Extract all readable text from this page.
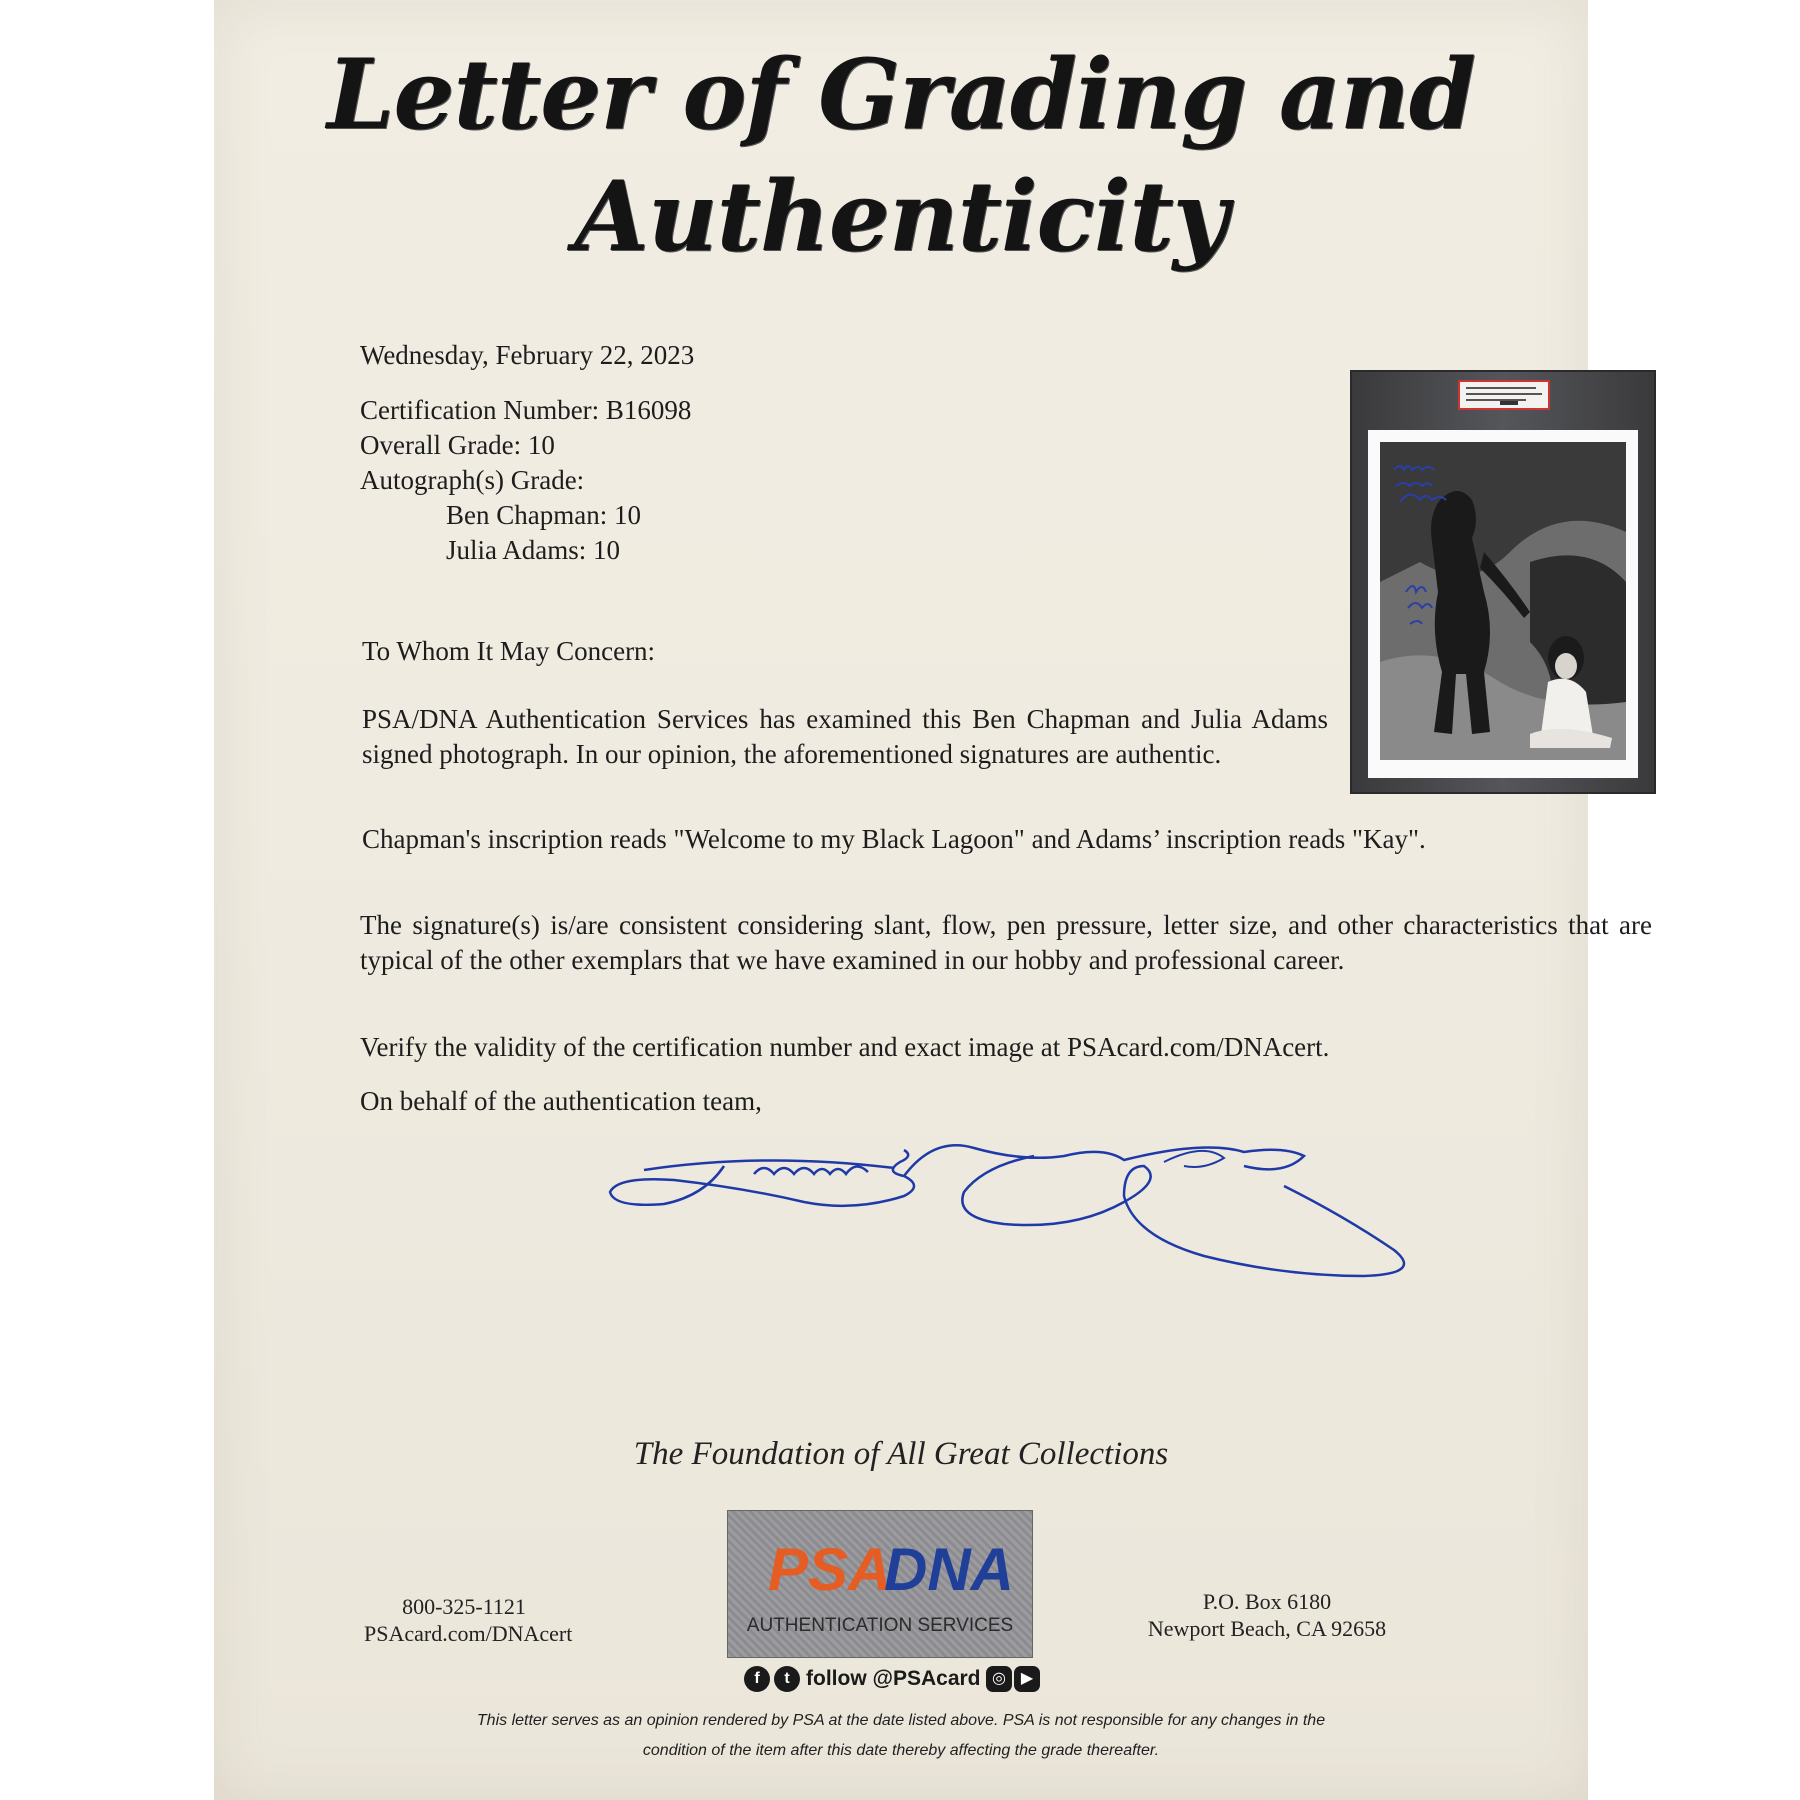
Letter of Grading and
Authenticity
Wednesday, February 22, 2023
Certification Number: B16098
Overall Grade: 10
Autograph(s) Grade:
Ben Chapman: 10
Julia Adams: 10
To Whom It May Concern:
PSA/DNA Authentication Services has examined this Ben Chapman and Julia Adams signed photograph. In our opinion, the aforementioned signatures are authentic.
Chapman's inscription reads "Welcome to my Black Lagoon" and Adams’ inscription reads "Kay".
The signature(s) is/are consistent considering slant, flow, pen pressure, letter size, and other characteristics that are typical of the other exemplars that we have examined in our hobby and professional career.
Verify the validity of the certification number and exact image at PSAcard.com/DNAcert.
On behalf of the authentication team,
The Foundation of All Great Collections
800-325-1121
PSAcard.com/DNAcert
PSA
DNA
AUTHENTICATION SERVICES
P.O. Box 6180
Newport Beach, CA 92658
f	t follow @PSAcard ◎ ▶
This letter serves as an opinion rendered by PSA at the date listed above. PSA is not responsible for any changes in the
condition of the item after this date thereby affecting the grade thereafter.
